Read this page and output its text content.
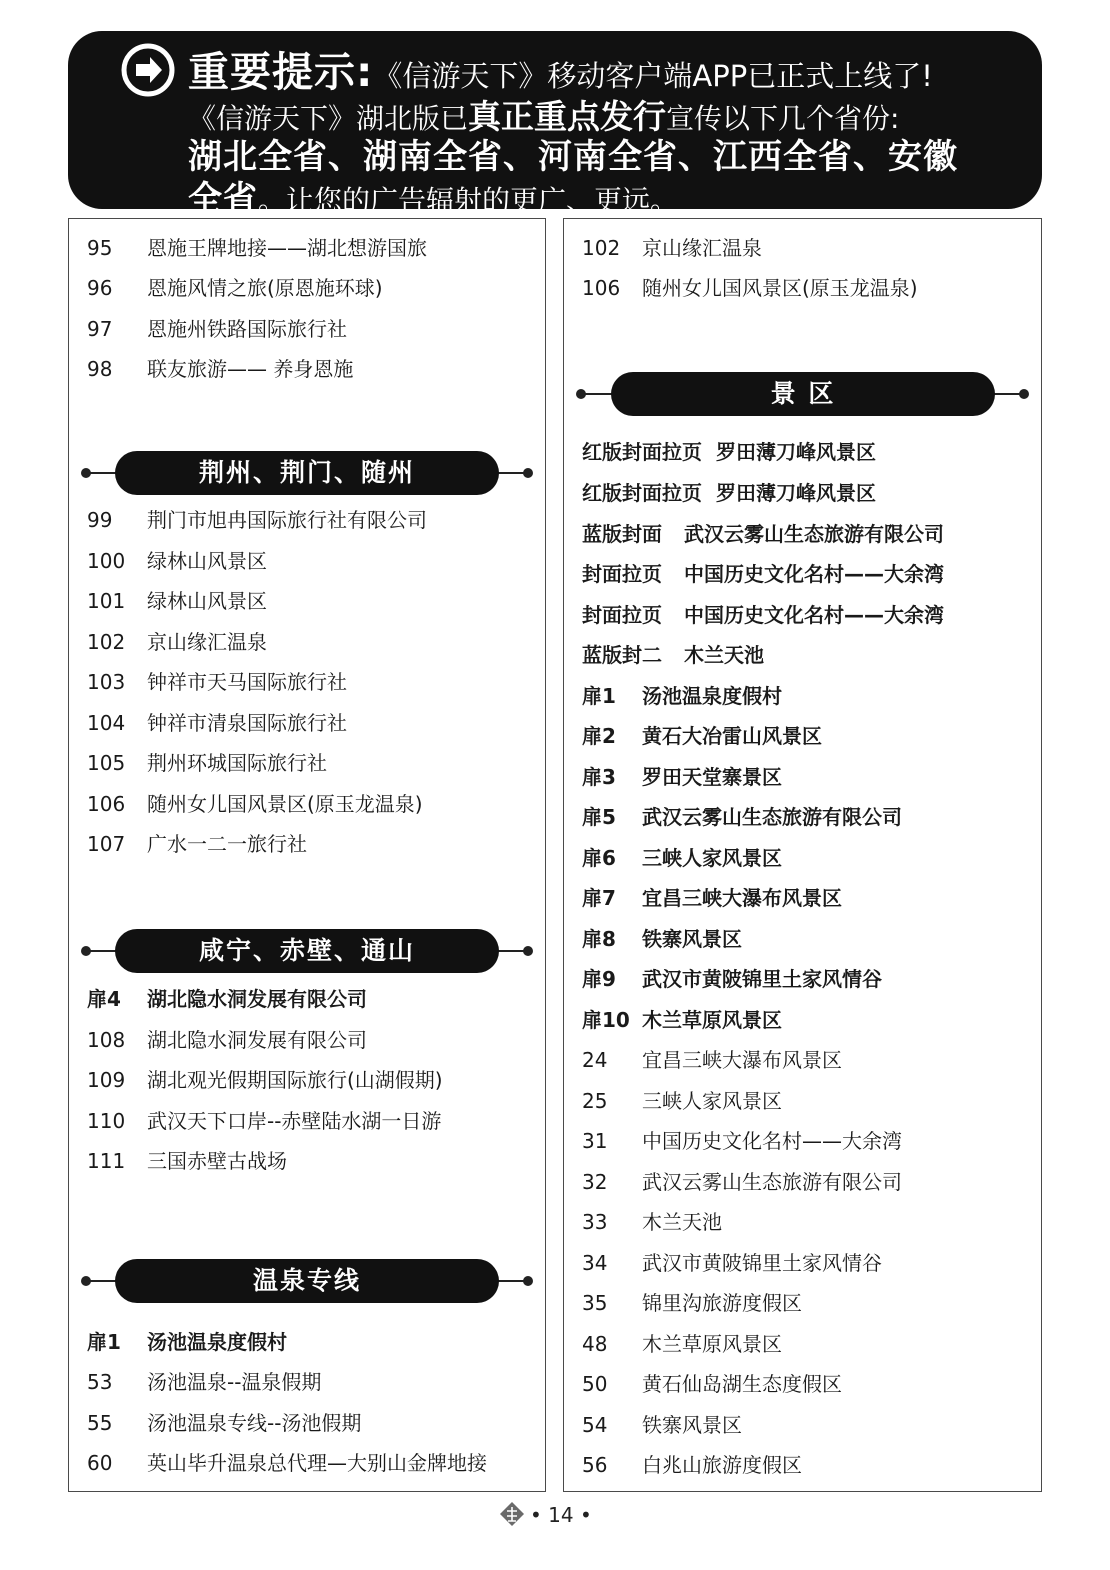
重要提示:《信游天下》移动客户端APP已正式上线了!
《信游天下》湖北版已真正重点发行宣传以下几个省份:
湖北全省、湖南全省、河南全省、江西全省、安徽
全省。让您的广告辐射的更广、更远。
95 恩施王牌地接——湖北想游国旅
96 恩施风情之旅(原恩施环球)
97 恩施州铁路国际旅行社
98 联友旅游—— 养身恩施
荆州、荆门、随州
99 荆门市旭冉国际旅行社有限公司
100 绿林山风景区
101 绿林山风景区
102 京山缘汇温泉
103 钟祥市天马国际旅行社
104 钟祥市清泉国际旅行社
105 荆州环城国际旅行社
106 随州女儿国风景区(原玉龙温泉)
107 广水一二一旅行社
咸宁、赤壁、通山
扉4 湖北隐水洞发展有限公司
108 湖北隐水洞发展有限公司
109 湖北观光假期国际旅行(山湖假期)
110 武汉天下口岸--赤壁陆水湖一日游
111 三国赤壁古战场
温泉专线
扉1 汤池温泉度假村
53 汤池温泉--温泉假期
55 汤池温泉专线--汤池假期
60 英山毕升温泉总代理—大别山金牌地接
102 京山缘汇温泉
106 随州女儿国风景区(原玉龙温泉)
景 区
红版封面拉页 罗田薄刀峰风景区
红版封面拉页 罗田薄刀峰风景区
蓝版封面 武汉云雾山生态旅游有限公司
封面拉页 中国历史文化名村——大余湾
封面拉页 中国历史文化名村——大余湾
蓝版封二 木兰天池
扉1 汤池温泉度假村
扉2 黄石大冶雷山风景区
扉3 罗田天堂寨景区
扉5 武汉云雾山生态旅游有限公司
扉6 三峡人家风景区
扉7 宜昌三峡大瀑布风景区
扉8 铁寨风景区
扉9 武汉市黄陂锦里土家风情谷
扉10 木兰草原风景区
24 宜昌三峡大瀑布风景区
25 三峡人家风景区
31 中国历史文化名村——大余湾
32 武汉云雾山生态旅游有限公司
33 木兰天池
34 武汉市黄陂锦里土家风情谷
35 锦里沟旅游度假区
48 木兰草原风景区
50 黄石仙岛湖生态度假区
54 铁寨风景区
56 白兆山旅游度假区
• 14 •
